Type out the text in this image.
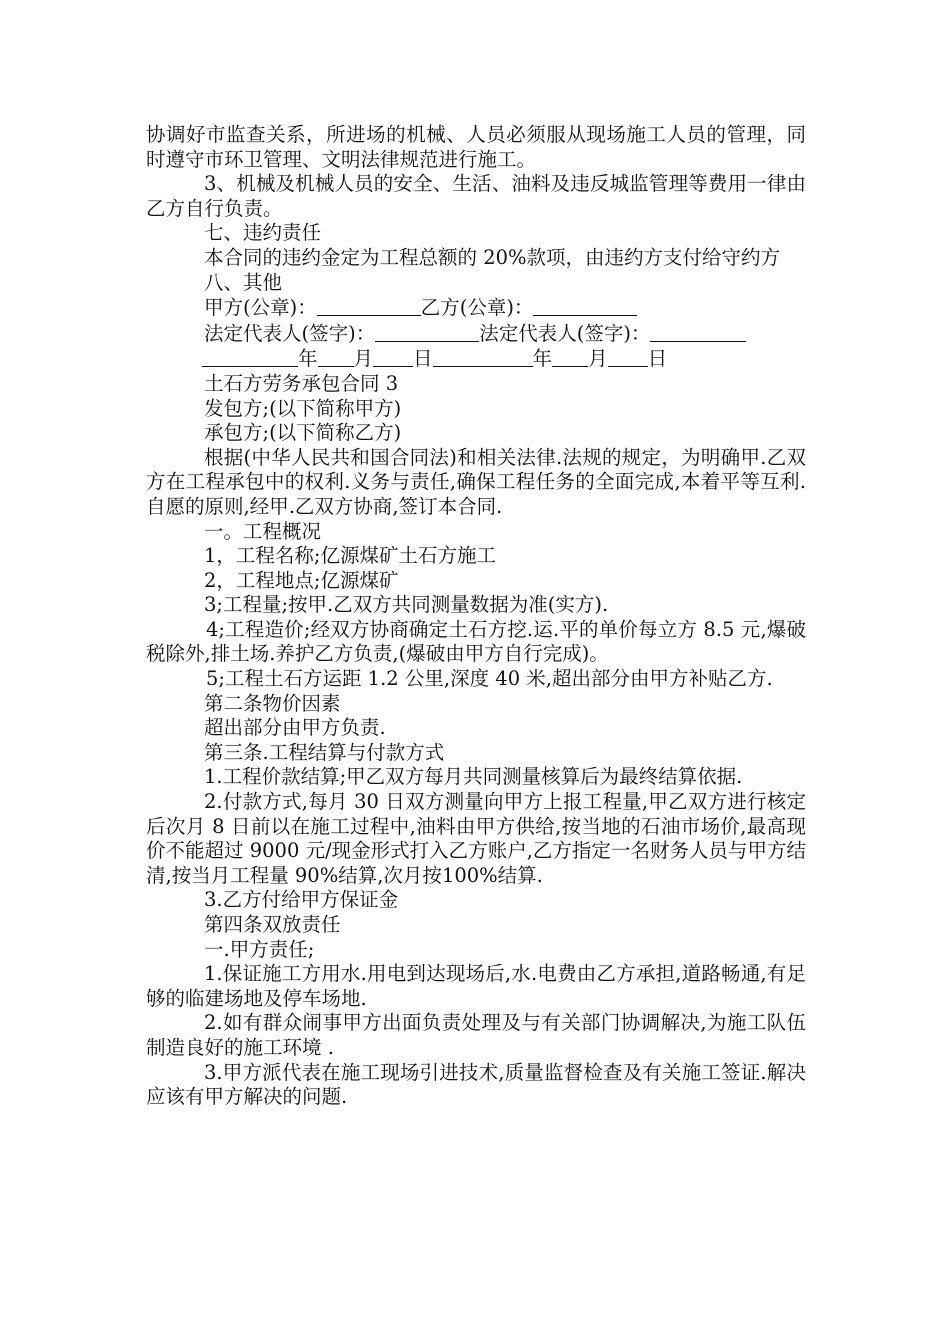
协调好市监查关系，所进场的机械、人员必须服从现场施工人员的管理，同时遵守市环卫管理、文明法律规范进行施工。

3、机械及机械人员的安全、生活、油料及违反城监管理等费用一律由乙方自行负责。

七、违约责任

本合同的违约金定为工程总额的 20%款项，由违约方支付给守约方

八、其他

甲方(公章)：	乙方(公章)：

法定代表人(签字)：	法定代表人(签字)：

年 月 日	年 月 日

土石方劳务承包合同 3

发包方;(以下简称甲方)

承包方;(以下简称乙方)

根据(中华人民共和国合同法)和相关法律.法规的规定，为明确甲.乙双方在工程承包中的权利.义务与责任,确保工程任务的全面完成,本着平等互利.自愿的原则,经甲.乙双方协商,签订本合同.

一。工程概况

1，工程名称;亿源煤矿土石方施工

2，工程地点;亿源煤矿

3;工程量;按甲.乙双方共同测量数据为准(实方).

4;工程造价;经双方协商确定土石方挖.运.平的单价每立方 8.5 元,爆破税除外,排土场.养护乙方负责,(爆破由甲方自行完成)。

5;工程土石方运距 1.2 公里,深度 40 米,超出部分由甲方补贴乙方.

第二条物价因素

超出部分由甲方负责.

第三条.工程结算与付款方式

1.工程价款结算;甲乙双方每月共同测量核算后为最终结算依据.

2.付款方式,每月 30 日双方测量向甲方上报工程量,甲乙双方进行核定后次月 8 日前以在施工过程中,油料由甲方供给,按当地的石油市场价,最高现价不能超过 9000 元/现金形式打入乙方账户,乙方指定一名财务人员与甲方结清,按当月工程量 90%结算,次月按100%结算.

3.乙方付给甲方保证金

第四条双放责任

一.甲方责任;

1.保证施工方用水.用电到达现场后,水.电费由乙方承担,道路畅通,有足够的临建场地及停车场地.

2.如有群众闹事甲方出面负责处理及与有关部门协调解决,为施工队伍制造良好的施工环境 .

3.甲方派代表在施工现场引进技术,质量监督检查及有关施工签证.解决应该有甲方解决的问题.
